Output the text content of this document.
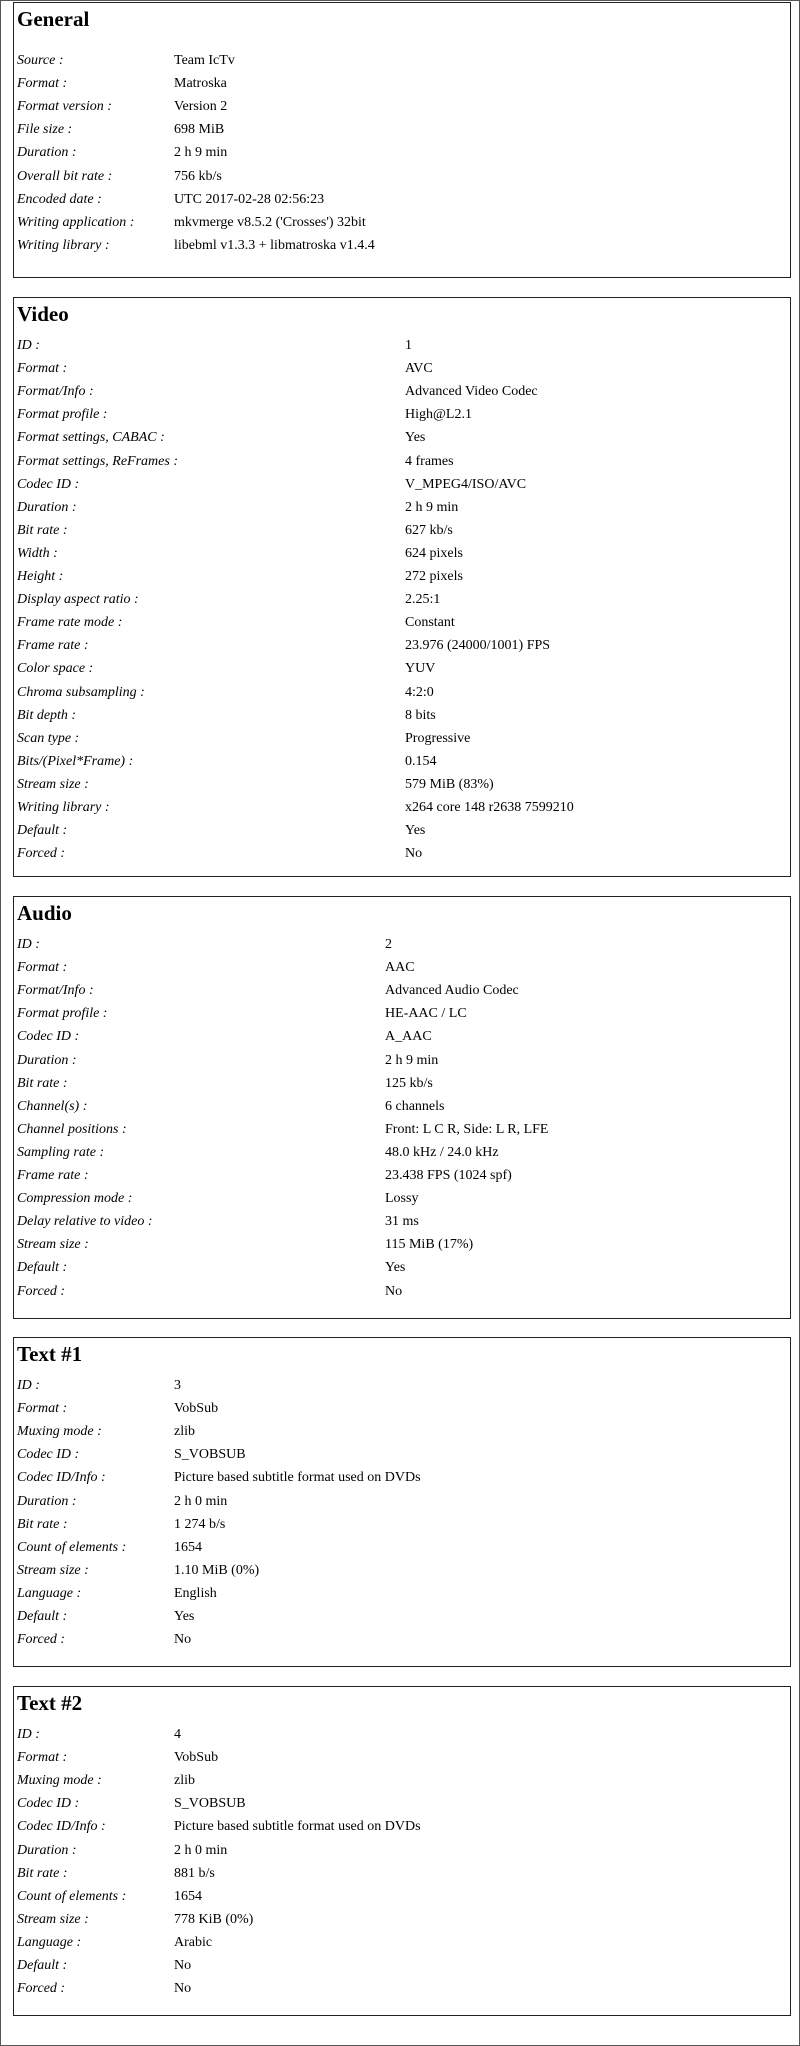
General
Source :	Team IcTv
Format :	Matroska
Format version :	Version 2
File size :	698 MiB
Duration :	2 h 9 min
Overall bit rate :	756 kb/s
Encoded date :	UTC 2017-02-28 02:56:23
Writing application :	mkvmerge v8.5.2 ('Crosses') 32bit
Writing library :	libebml v1.3.3 + libmatroska v1.4.4
Video
ID :	1
Format :	AVC
Format/Info :	Advanced Video Codec
Format profile :	High@L2.1
Format settings, CABAC :	Yes
Format settings, ReFrames :	4 frames
Codec ID :	V_MPEG4/ISO/AVC
Duration :	2 h 9 min
Bit rate :	627 kb/s
Width :	624 pixels
Height :	272 pixels
Display aspect ratio :	2.25:1
Frame rate mode :	Constant
Frame rate :	23.976 (24000/1001) FPS
Color space :	YUV
Chroma subsampling :	4:2:0
Bit depth :	8 bits
Scan type :	Progressive
Bits/(Pixel*Frame) :	0.154
Stream size :	579 MiB (83%)
Writing library :	x264 core 148 r2638 7599210
Default :	Yes
Forced :	No
Audio
ID :	2
Format :	AAC
Format/Info :	Advanced Audio Codec
Format profile :	HE-AAC / LC
Codec ID :	A_AAC
Duration :	2 h 9 min
Bit rate :	125 kb/s
Channel(s) :	6 channels
Channel positions :	Front: L C R, Side: L R, LFE
Sampling rate :	48.0 kHz / 24.0 kHz
Frame rate :	23.438 FPS (1024 spf)
Compression mode :	Lossy
Delay relative to video :	31 ms
Stream size :	115 MiB (17%)
Default :	Yes
Forced :	No
Text #1
ID :	3
Format :	VobSub
Muxing mode :	zlib
Codec ID :	S_VOBSUB
Codec ID/Info :	Picture based subtitle format used on DVDs
Duration :	2 h 0 min
Bit rate :	1 274 b/s
Count of elements :	1654
Stream size :	1.10 MiB (0%)
Language :	English
Default :	Yes
Forced :	No
Text #2
ID :	4
Format :	VobSub
Muxing mode :	zlib
Codec ID :	S_VOBSUB
Codec ID/Info :	Picture based subtitle format used on DVDs
Duration :	2 h 0 min
Bit rate :	881 b/s
Count of elements :	1654
Stream size :	778 KiB (0%)
Language :	Arabic
Default :	No
Forced :	No
